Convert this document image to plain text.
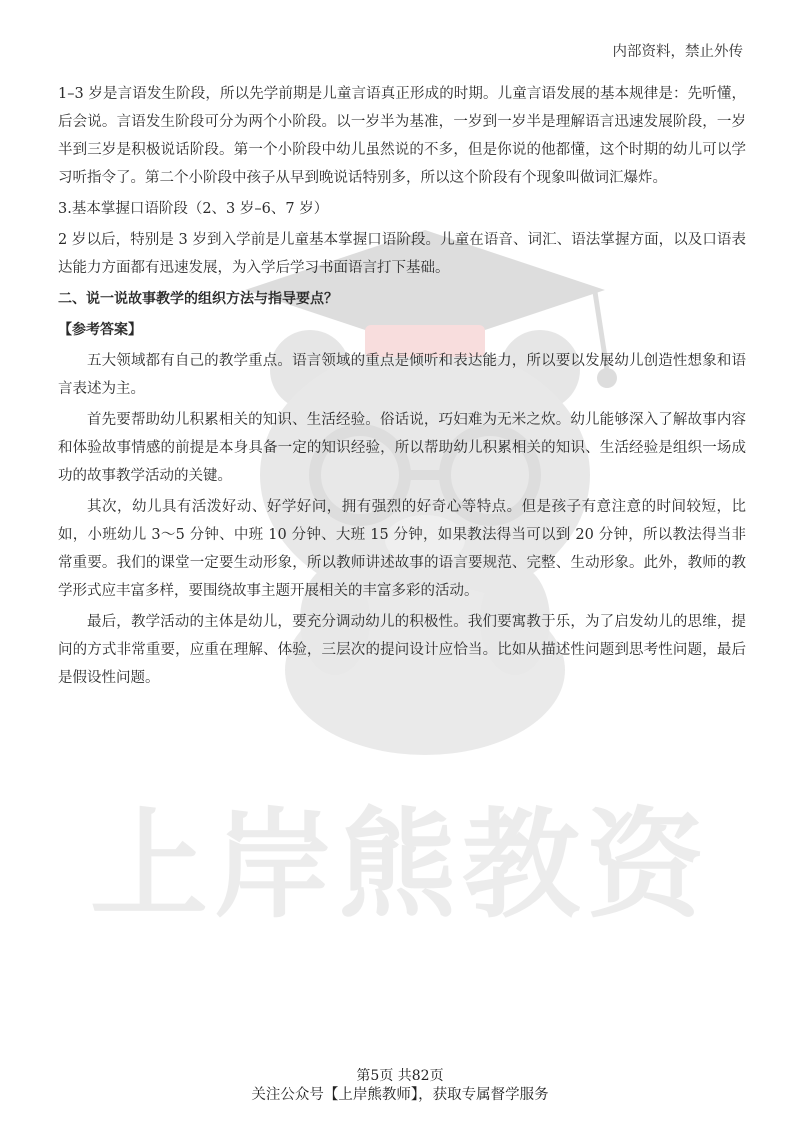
上岸熊教资
内部资料，禁止外传

1–3 岁是言语发生阶段，所以先学前期是儿童言语真正形成的时期。儿童言语发展的基本规律是：先听懂，后会说。言语发生阶段可分为两个小阶段。以一岁半为基准，一岁到一岁半是理解语言迅速发展阶段，一岁半到三岁是积极说话阶段。第一个小阶段中幼儿虽然说的不多，但是你说的他都懂，这个时期的幼儿可以学习听指令了。第二个小阶段中孩子从早到晚说话特别多，所以这个阶段有个现象叫做词汇爆炸。

3.基本掌握口语阶段（2、3 岁–6、7 岁）

2 岁以后，特别是 3 岁到入学前是儿童基本掌握口语阶段。儿童在语音、词汇、语法掌握方面，以及口语表达能力方面都有迅速发展，为入学后学习书面语言打下基础。

二、说一说故事教学的组织方法与指导要点？

【参考答案】

五大领域都有自己的教学重点。语言领域的重点是倾听和表达能力，所以要以发展幼儿创造性想象和语言表述为主。

首先要帮助幼儿积累相关的知识、生活经验。俗话说，巧妇难为无米之炊。幼儿能够深入了解故事内容和体验故事情感的前提是本身具备一定的知识经验，所以帮助幼儿积累相关的知识、生活经验是组织一场成功的故事教学活动的关键。

其次，幼儿具有活泼好动、好学好问，拥有强烈的好奇心等特点。但是孩子有意注意的时间较短，比如，小班幼儿 3～5 分钟、中班 10 分钟、大班 15 分钟，如果教法得当可以到 20 分钟，所以教法得当非常重要。我们的课堂一定要生动形象，所以教师讲述故事的语言要规范、完整、生动形象。此外，教师的教学形式应丰富多样，要围绕故事主题开展相关的丰富多彩的活动。

最后，教学活动的主体是幼儿，要充分调动幼儿的积极性。我们要寓教于乐，为了启发幼儿的思维，提问的方式非常重要，应重在理解、体验，三层次的提问设计应恰当。比如从描述性问题到思考性问题，最后是假设性问题。

第5页 共82页
关注公众号【上岸熊教师】，获取专属督学服务
